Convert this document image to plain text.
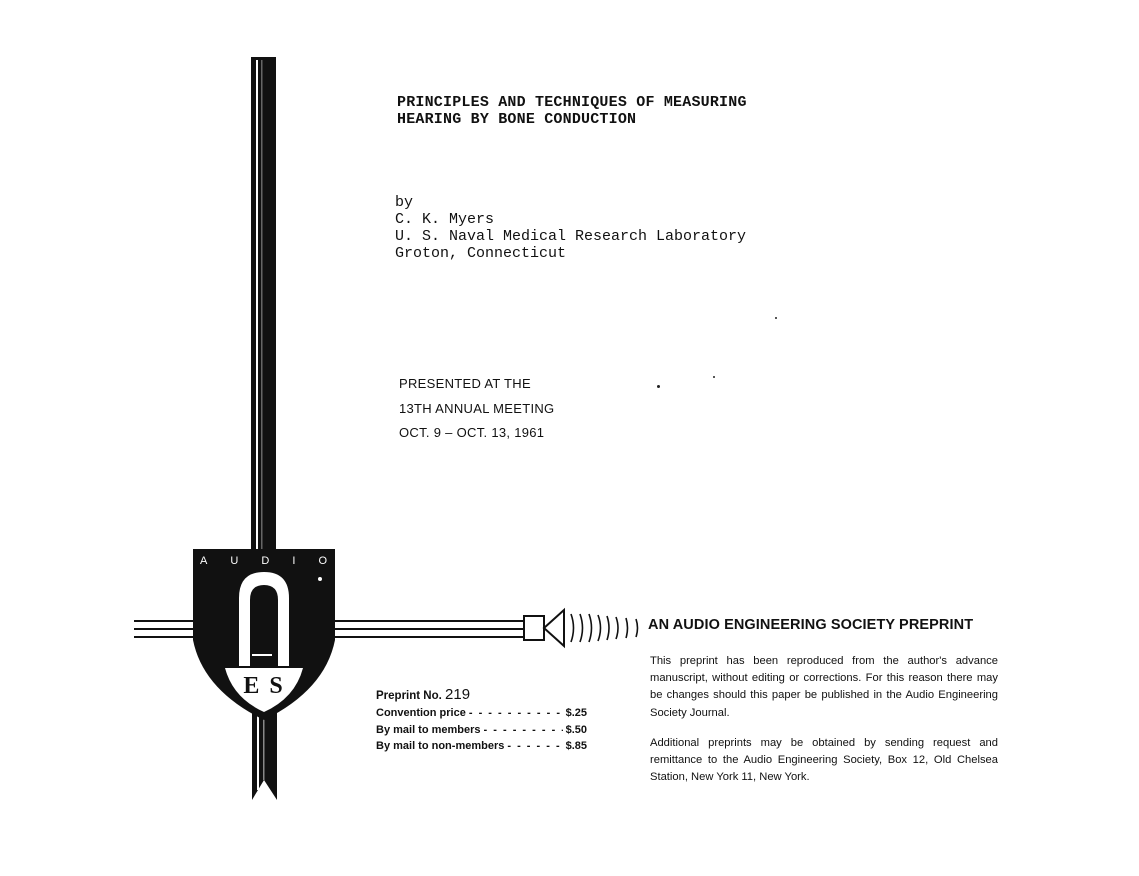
A U D I O
E S
PRINCIPLES AND TECHNIQUES OF MEASURING
HEARING BY BONE CONDUCTION
by
C. K. Myers
U. S. Naval Medical Research Laboratory
Groton, Connecticut
PRESENTED AT THE
13TH ANNUAL MEETING
OCT. 9 – OCT. 13, 1961
AN AUDIO ENGINEERING SOCIETY PREPRINT

This preprint has been reproduced from the author's advance manuscript, without editing or corrections. For this reason there may be changes should this paper be published in the Audio Engineering Society Journal.

Additional preprints may be obtained by sending request and remittance to the Audio Engineering Society, Box 12, Old Chelsea Station, New York 11, New York.

Preprint No. 219
Convention price - - -	$.25
By mail to members - - -	$.50
By mail to non-members - - -	$.85
